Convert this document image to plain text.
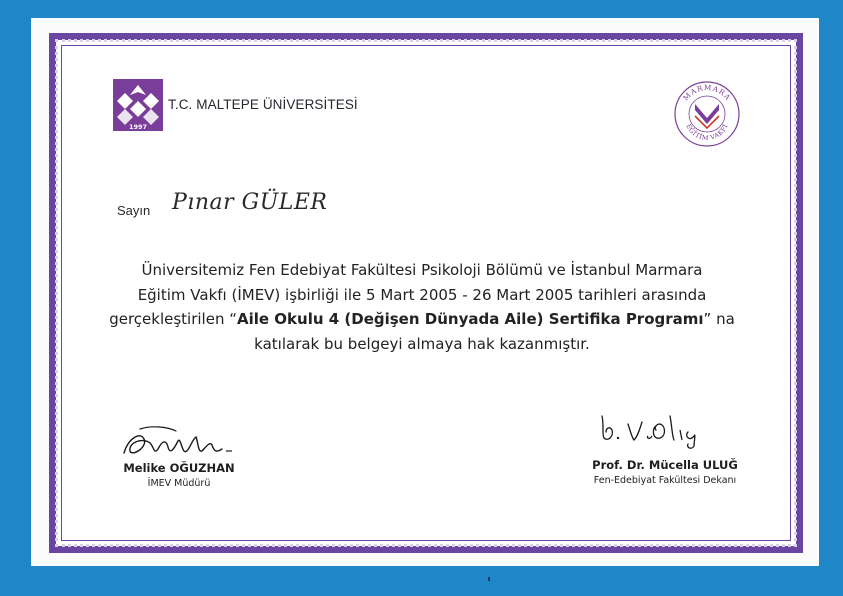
1997
T.C. MALTEPE ÜNİVERSİTESİ
MARMARA
EĞİTİM VAKFI
Sayın Pınar GÜLER
Üniversitemiz Fen Edebiyat Fakültesi Psikoloji Bölümü ve İstanbul Marmara
Eğitim Vakfı (İMEV) işbirliği ile 5 Mart 2005 - 26 Mart 2005 tarihleri arasında
gerçekleştirilen “Aile Okulu 4 (Değişen Dünyada Aile) Sertifika Programı” na
katılarak bu belgeyi almaya hak kazanmıştır.
Melike OĞUZHAN
İMEV Müdürü
Prof. Dr. Mücella ULUĞ
Fen-Edebiyat Fakültesi Dekanı
